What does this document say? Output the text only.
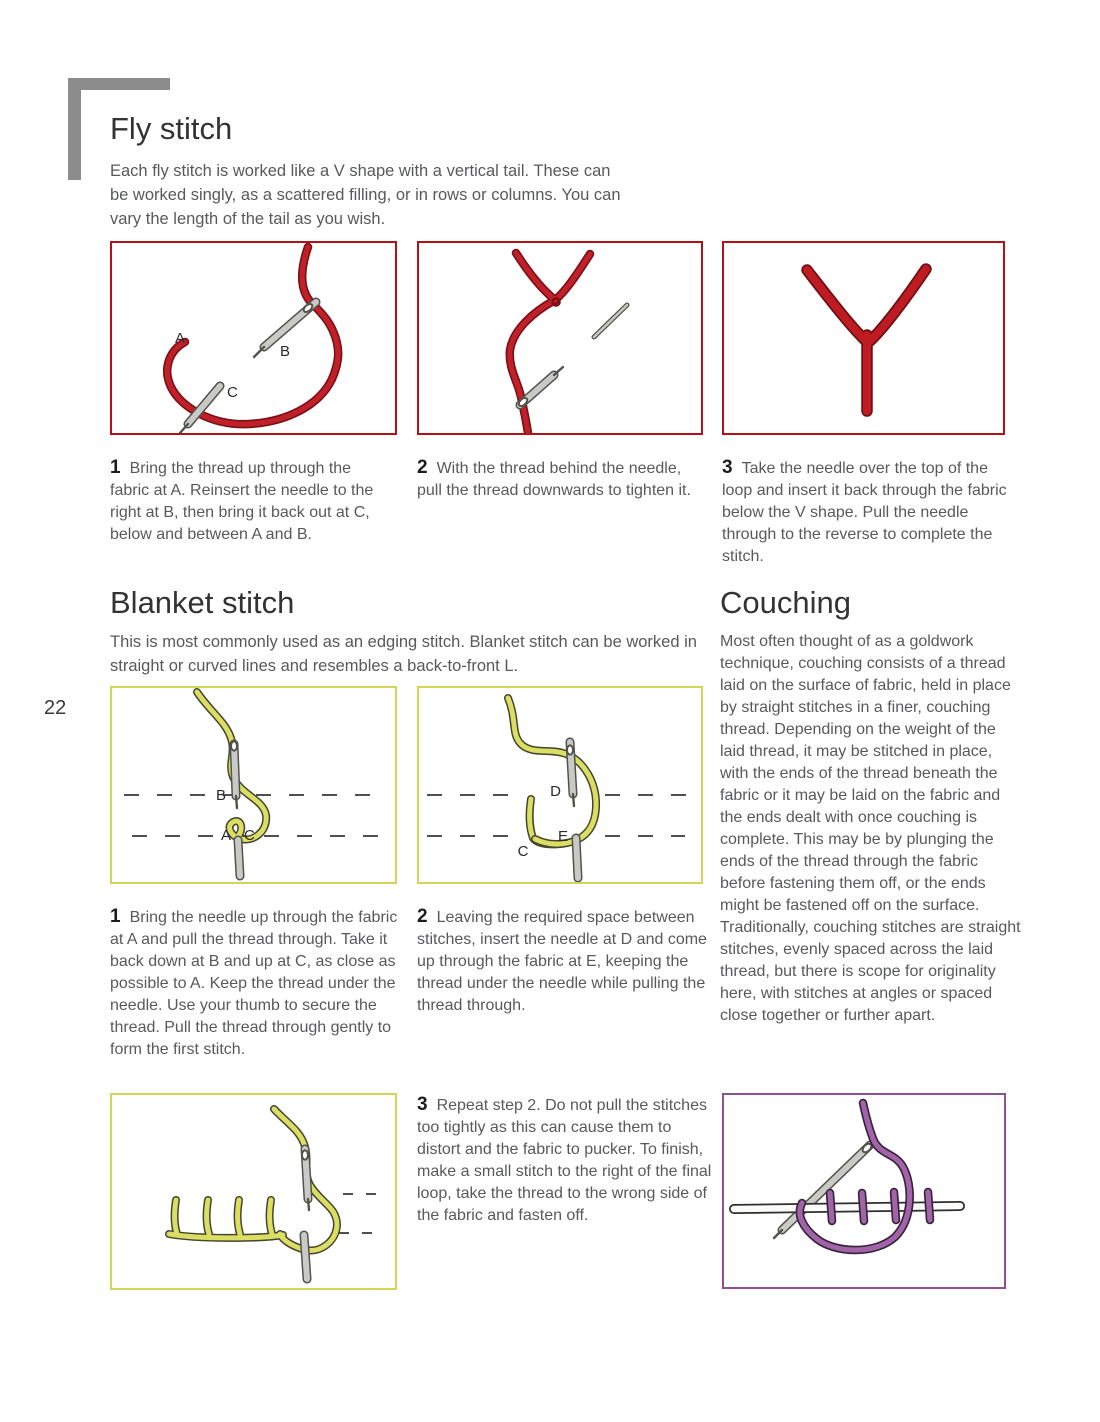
22
Fly stitch

Each fly stitch is worked like a V shape with a vertical tail. These can be worked singly, as a scattered filling, or in rows or columns. You can vary the length of the tail as you wish.

A
B
C

1 Bring the thread up through the fabric at A. Reinsert the needle to the right at B, then bring it back out at C, below and between A and B.

2 With the thread behind the needle, pull the thread downwards to tighten it.

3 Take the needle over the top of the loop and insert it back through the fabric below the V shape. Pull the needle through to the reverse to complete the stitch.

Blanket stitch

This is most commonly used as an edging stitch. Blanket stitch can be worked in straight or curved lines and resembles a back-to-front L.

Couching

Most often thought of as a goldwork technique, couching consists of a thread laid on the surface of fabric, held in place by straight stitches in a finer, couching thread. Depending on the weight of the laid thread, it may be stitched in place, with the ends of the thread beneath the fabric or it may be laid on the fabric and the ends dealt with once couching is complete. This may be by plunging the ends of the thread through the fabric before fastening them off, or the ends might be fastened off on the surface. Traditionally, couching stitches are straight stitches, evenly spaced across the laid thread, but there is scope for originality here, with stitches at angles or spaced close together or further apart.

B
A C
D
E
C

1 Bring the needle up through the fabric at A and pull the thread through. Take it back down at B and up at C, as close as possible to A. Keep the thread under the needle. Use your thumb to secure the thread. Pull the thread through gently to form the first stitch.

2 Leaving the required space between stitches, insert the needle at D and come up through the fabric at E, keeping the thread under the needle while pulling the thread through.

3 Repeat step 2. Do not pull the stitches too tightly as this can cause them to distort and the fabric to pucker. To finish, make a small stitch to the right of the final loop, take the thread to the wrong side of the fabric and fasten off.
